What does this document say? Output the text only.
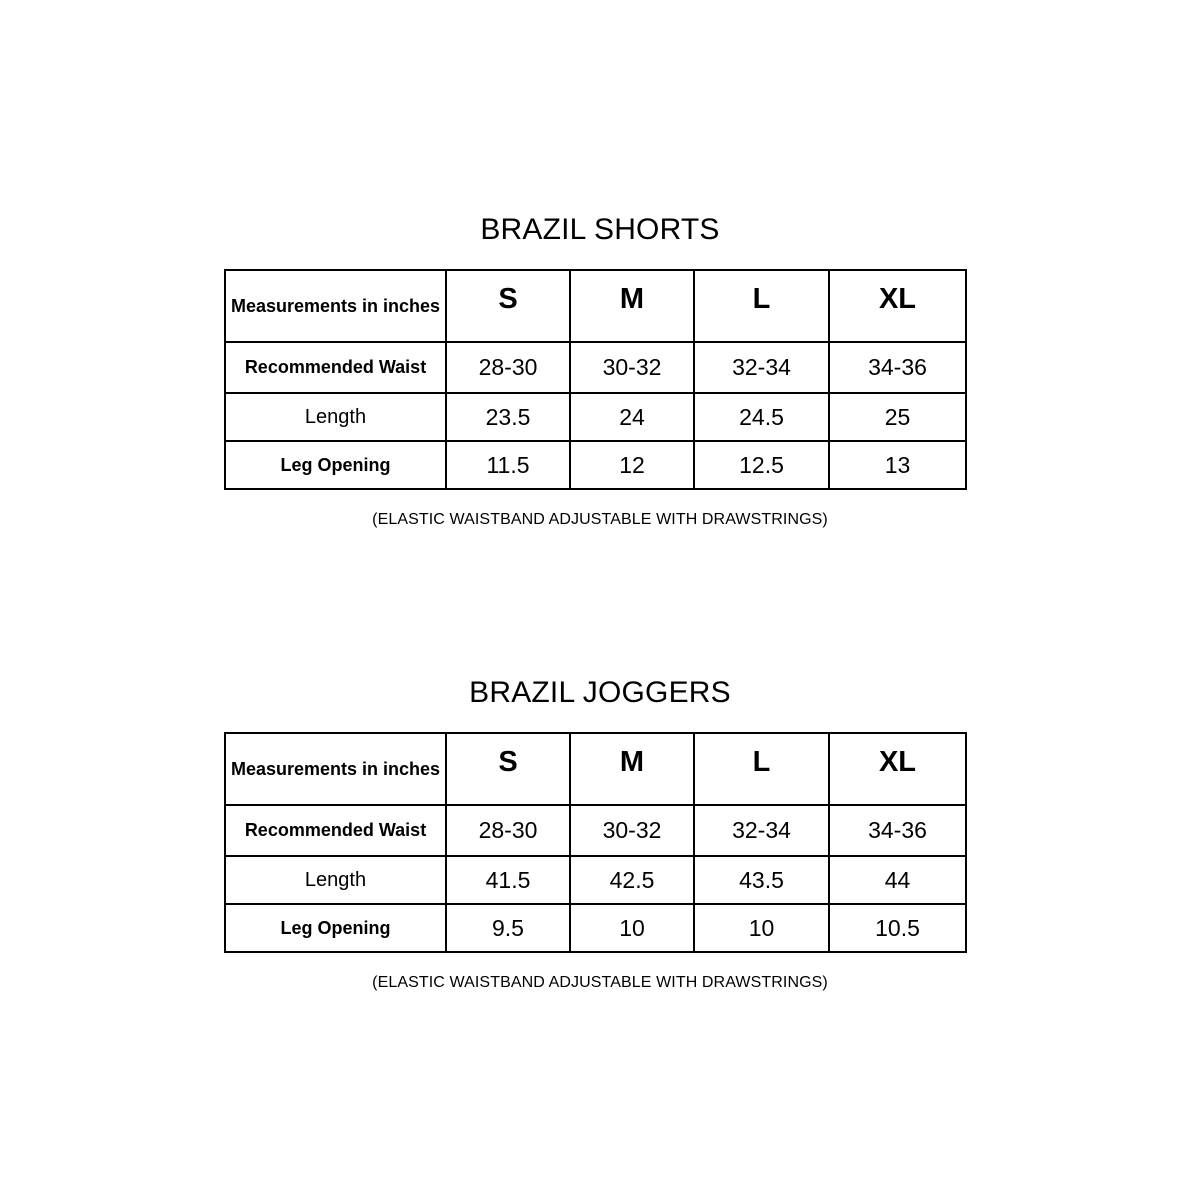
BRAZIL SHORTS
Measurements in inches	S	M	L	XL
Recommended Waist	28-30	30-32	32-34	34-36
Length	23.5	24	24.5	25
Leg Opening	11.5	12	12.5	13
(ELASTIC WAISTBAND ADJUSTABLE WITH DRAWSTRINGS)
BRAZIL JOGGERS
Measurements in inches	S	M	L	XL
Recommended Waist	28-30	30-32	32-34	34-36
Length	41.5	42.5	43.5	44
Leg Opening	9.5	10	10	10.5
(ELASTIC WAISTBAND ADJUSTABLE WITH DRAWSTRINGS)
